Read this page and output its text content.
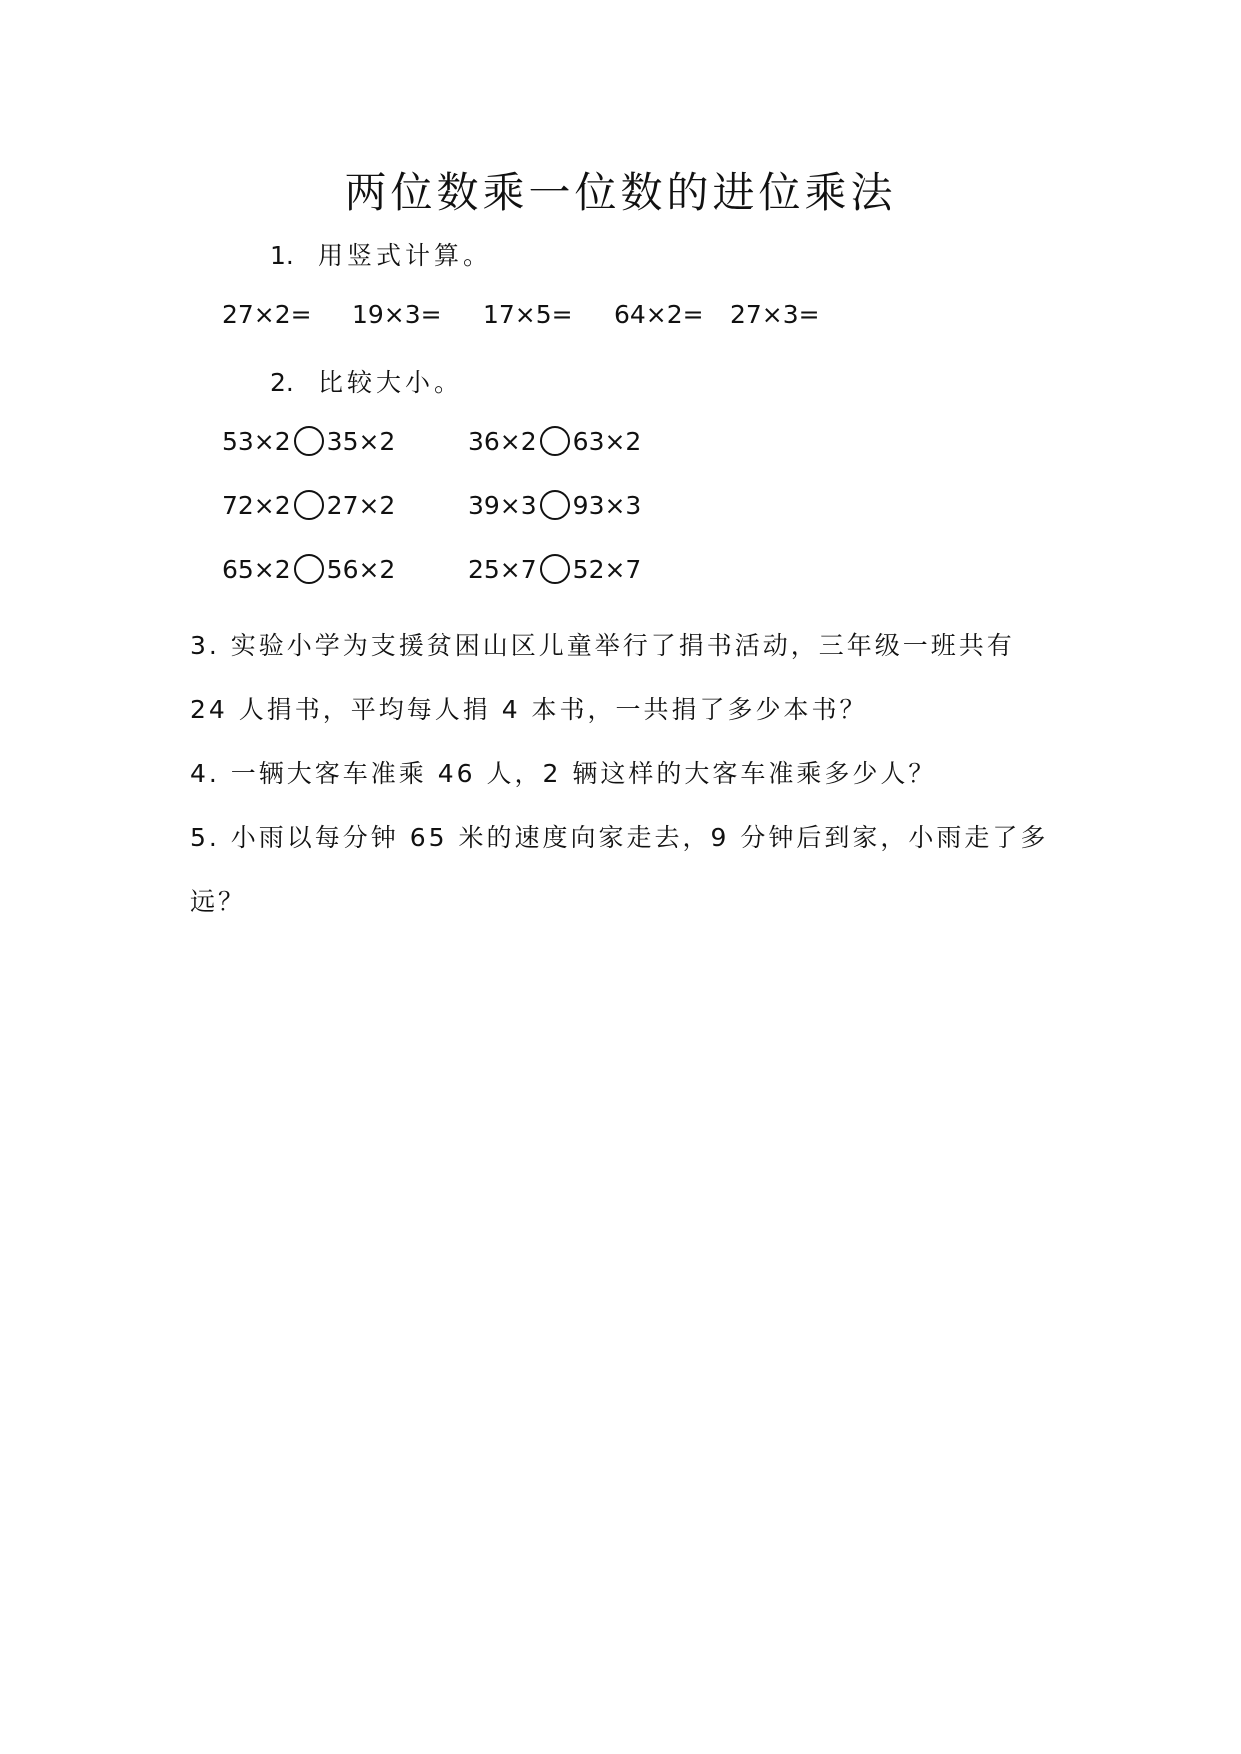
两位数乘一位数的进位乘法
1. 用竖式计算。
27×2= 19×3= 17×5= 64×2= 27×3=
2. 比较大小。
53×2 35×2	36×2 63×2
72×2 27×2	39×3 93×3
65×2 56×2	25×7 52×7
3. 实验小学为支援贫困山区儿童举行了捐书活动，三年级一班共有
24 人捐书，平均每人捐 4 本书，一共捐了多少本书？
4. 一辆大客车准乘 46 人，2 辆这样的大客车准乘多少人？
5. 小雨以每分钟 65 米的速度向家走去，9 分钟后到家，小雨走了多
远？
